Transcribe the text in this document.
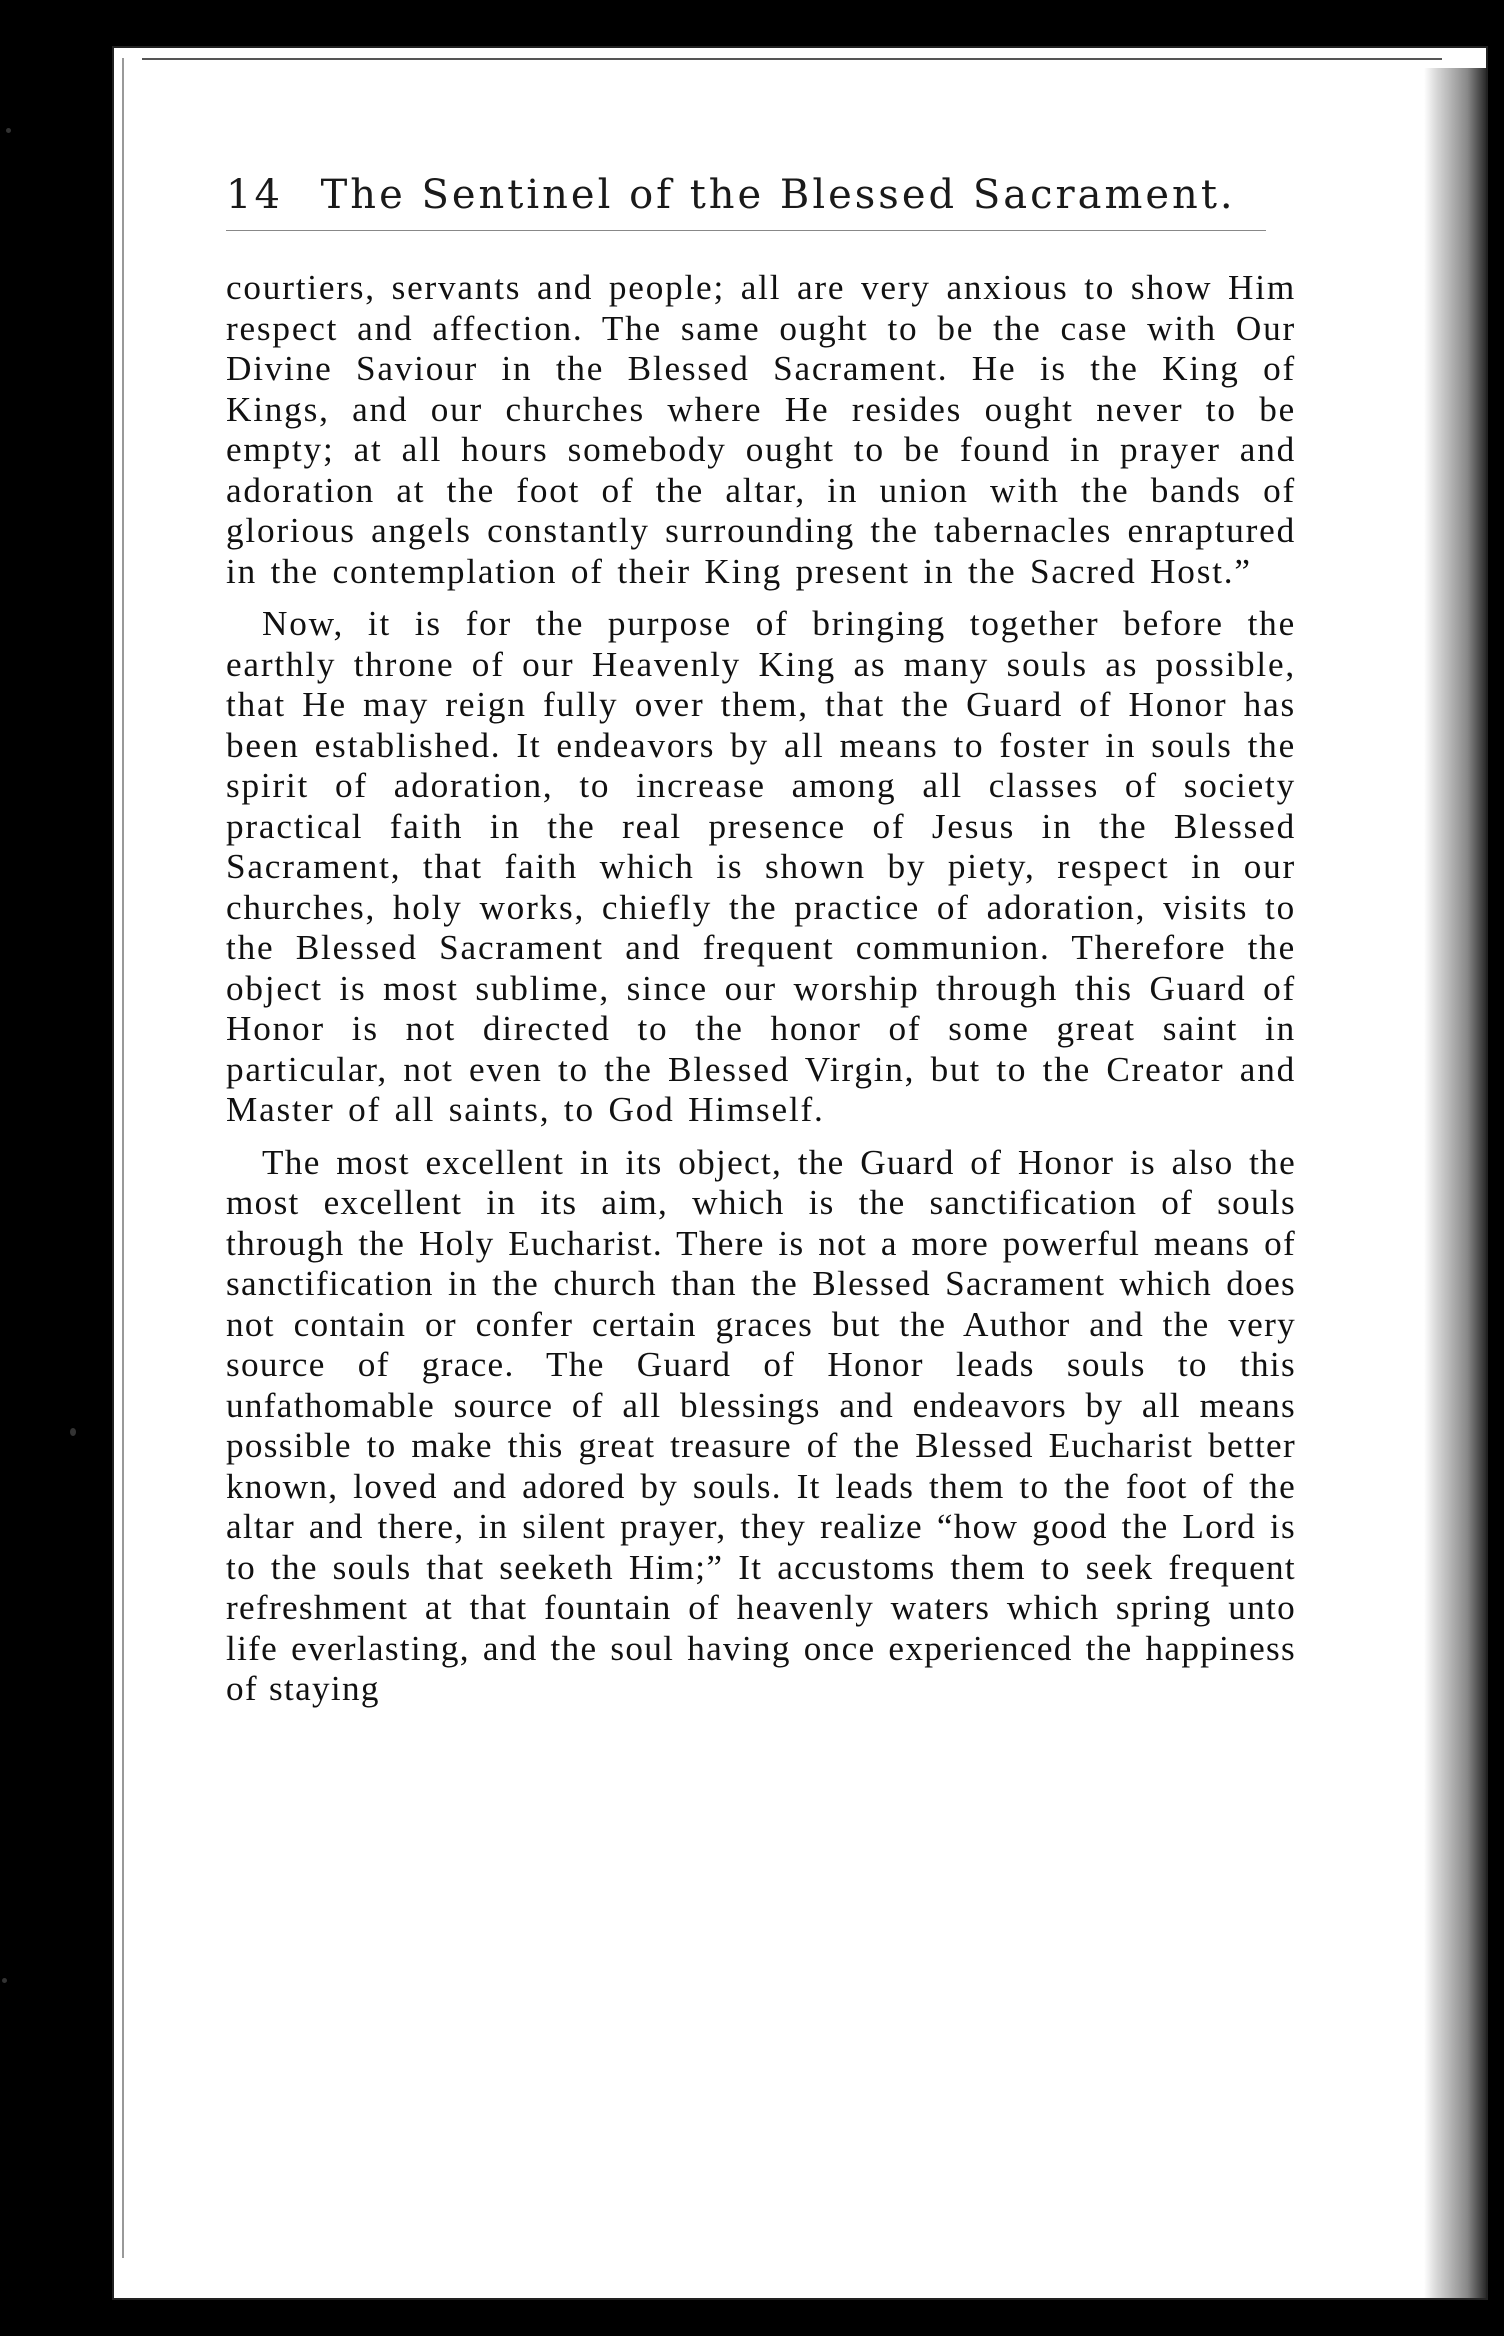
14 The Sentinel of the Blessed Sacrament.

courtiers, servants and people; all are very anxious to show Him respect and affection. The same ought to be the case with Our Divine Saviour in the Blessed Sacrament. He is the King of Kings, and our churches where He resides ought never to be empty; at all hours somebody ought to be found in prayer and adoration at the foot of the altar, in union with the bands of glorious angels constantly surrounding the tabernacles enraptured in the contemplation of their King present in the Sacred Host.”

Now, it is for the purpose of bringing together before the earthly throne of our Heavenly King as many souls as possible, that He may reign fully over them, that the Guard of Honor has been established. It endeavors by all means to foster in souls the spirit of adoration, to increase among all classes of society practical faith in the real presence of Jesus in the Blessed Sacrament, that faith which is shown by piety, respect in our churches, holy works, chiefly the practice of adoration, visits to the Blessed Sacrament and frequent communion. Therefore the object is most sublime, since our worship through this Guard of Honor is not directed to the honor of some great saint in particular, not even to the Blessed Virgin, but to the Creator and Master of all saints, to God Himself.

The most excellent in its object, the Guard of Honor is also the most excellent in its aim, which is the sanctification of souls through the Holy Eucharist. There is not a more powerful means of sanctification in the church than the Blessed Sacrament which does not contain or confer certain graces but the Author and the very source of grace. The Guard of Honor leads souls to this unfathomable source of all blessings and endeavors by all means possible to make this great treasure of the Blessed Eucharist better known, loved and adored by souls. It leads them to the foot of the altar and there, in silent prayer, they realize “how good the Lord is to the souls that seeketh Him;” It accustoms them to seek frequent refreshment at that fountain of heavenly waters which spring unto life everlasting, and the soul having once experienced the happiness of staying
